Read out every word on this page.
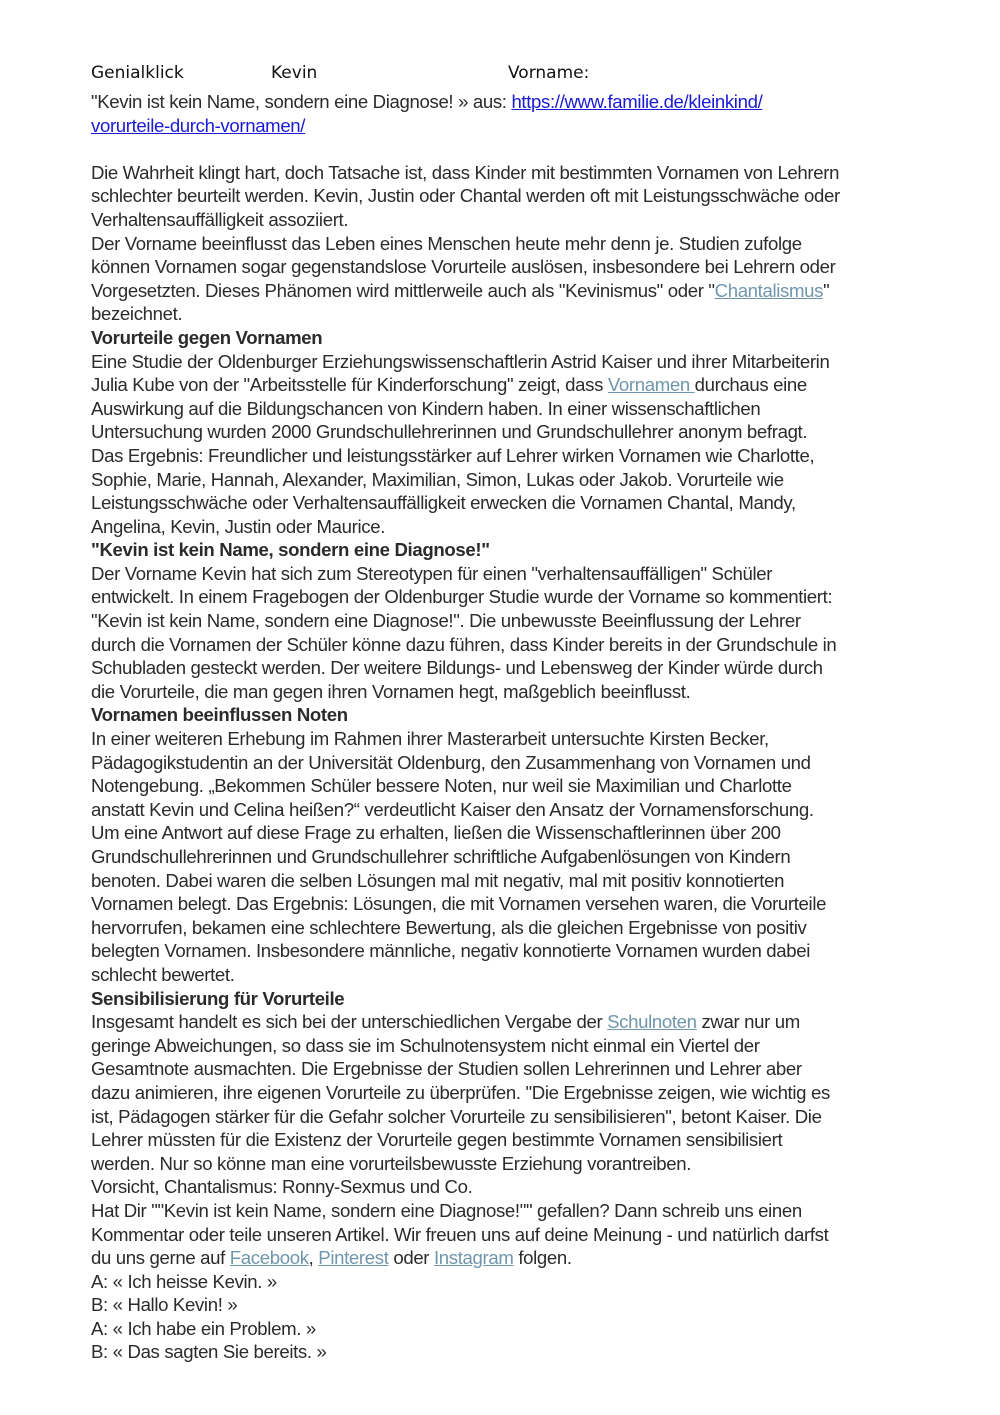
Genialklick	Kevin	Vorname:
"Kevin ist kein Name, sondern eine Diagnose! » aus: https://www.familie.de/kleinkind/
vorurteile-durch-vornamen/
Die Wahrheit klingt hart, doch Tatsache ist, dass Kinder mit bestimmten Vornamen von Lehrern
schlechter beurteilt werden. Kevin, Justin oder Chantal werden oft mit Leistungsschwäche oder
Verhaltensauffälligkeit assoziiert.
Der Vorname beeinflusst das Leben eines Menschen heute mehr denn je. Studien zufolge
können Vornamen sogar gegenstandslose Vorurteile auslösen, insbesondere bei Lehrern oder
Vorgesetzten. Dieses Phänomen wird mittlerweile auch als "Kevinismus" oder "Chantalismus"
bezeichnet.
Vorurteile gegen Vornamen
Eine Studie der Oldenburger Erziehungswissenschaftlerin Astrid Kaiser und ihrer Mitarbeiterin
Julia Kube von der "Arbeitsstelle für Kinderforschung" zeigt, dass Vornamen durchaus eine
Auswirkung auf die Bildungschancen von Kindern haben. In einer wissenschaftlichen
Untersuchung wurden 2000 Grundschullehrerinnen und Grundschullehrer anonym befragt.
Das Ergebnis: Freundlicher und leistungsstärker auf Lehrer wirken Vornamen wie Charlotte,
Sophie, Marie, Hannah, Alexander, Maximilian, Simon, Lukas oder Jakob. Vorurteile wie
Leistungsschwäche oder Verhaltensauffälligkeit erwecken die Vornamen Chantal, Mandy,
Angelina, Kevin, Justin oder Maurice.
"Kevin ist kein Name, sondern eine Diagnose!"
Der Vorname Kevin hat sich zum Stereotypen für einen "verhaltensauffälligen" Schüler
entwickelt. In einem Fragebogen der Oldenburger Studie wurde der Vorname so kommentiert:
"Kevin ist kein Name, sondern eine Diagnose!". Die unbewusste Beeinflussung der Lehrer
durch die Vornamen der Schüler könne dazu führen, dass Kinder bereits in der Grundschule in
Schubladen gesteckt werden. Der weitere Bildungs- und Lebensweg der Kinder würde durch
die Vorurteile, die man gegen ihren Vornamen hegt, maßgeblich beeinflusst.
Vornamen beeinflussen Noten
In einer weiteren Erhebung im Rahmen ihrer Masterarbeit untersuchte Kirsten Becker,
Pädagogikstudentin an der Universität Oldenburg, den Zusammenhang von Vornamen und
Notengebung. „Bekommen Schüler bessere Noten, nur weil sie Maximilian und Charlotte
anstatt Kevin und Celina heißen?“ verdeutlicht Kaiser den Ansatz der Vornamensforschung.
Um eine Antwort auf diese Frage zu erhalten, ließen die Wissenschaftlerinnen über 200
Grundschullehrerinnen und Grundschullehrer schriftliche Aufgabenlösungen von Kindern
benoten. Dabei waren die selben Lösungen mal mit negativ, mal mit positiv konnotierten
Vornamen belegt. Das Ergebnis: Lösungen, die mit Vornamen versehen waren, die Vorurteile
hervorrufen, bekamen eine schlechtere Bewertung, als die gleichen Ergebnisse von positiv
belegten Vornamen. Insbesondere männliche, negativ konnotierte Vornamen wurden dabei
schlecht bewertet.
Sensibilisierung für Vorurteile
Insgesamt handelt es sich bei der unterschiedlichen Vergabe der Schulnoten zwar nur um
geringe Abweichungen, so dass sie im Schulnotensystem nicht einmal ein Viertel der
Gesamtnote ausmachten. Die Ergebnisse der Studien sollen Lehrerinnen und Lehrer aber
dazu animieren, ihre eigenen Vorurteile zu überprüfen. "Die Ergebnisse zeigen, wie wichtig es
ist, Pädagogen stärker für die Gefahr solcher Vorurteile zu sensibilisieren", betont Kaiser. Die
Lehrer müssten für die Existenz der Vorurteile gegen bestimmte Vornamen sensibilisiert
werden. Nur so könne man eine vorurteilsbewusste Erziehung vorantreiben.
Vorsicht, Chantalismus: Ronny-Sexmus und Co.
Hat Dir ""Kevin ist kein Name, sondern eine Diagnose!"" gefallen? Dann schreib uns einen
Kommentar oder teile unseren Artikel. Wir freuen uns auf deine Meinung - und natürlich darfst
du uns gerne auf Facebook, Pinterest oder Instagram folgen.
A: « Ich heisse Kevin. »
B: « Hallo Kevin! »
A: « Ich habe ein Problem. »
B: « Das sagten Sie bereits. »
